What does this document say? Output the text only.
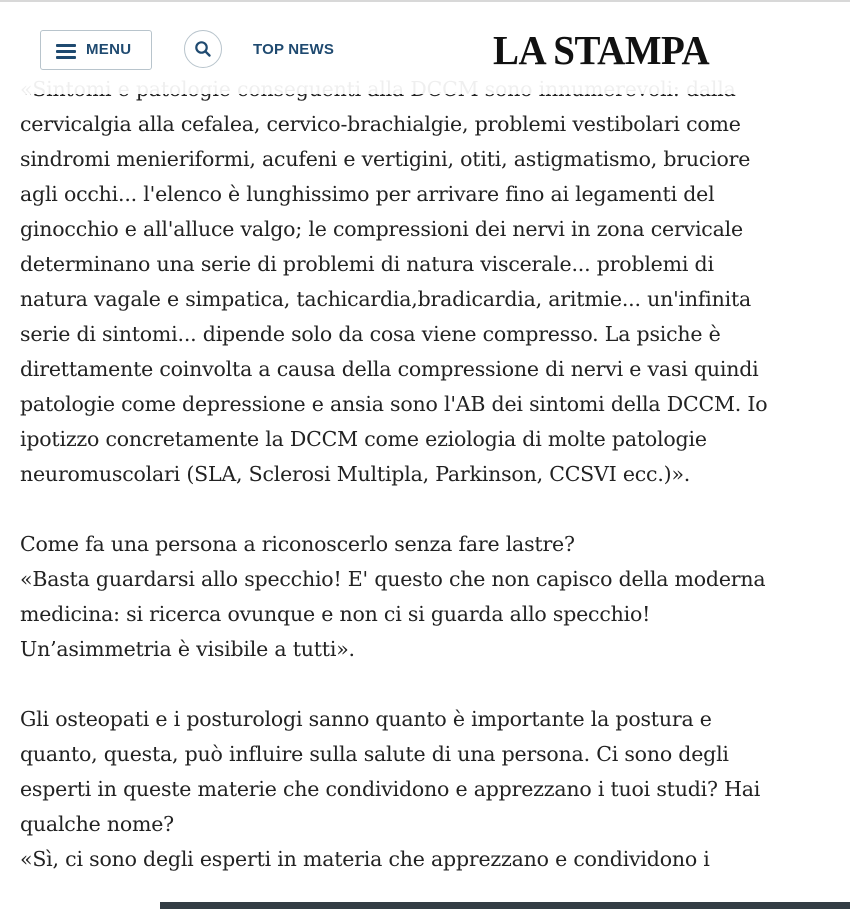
cervicalgia alla cefalea, cervico-brachialgie, problemi vestibolari come sindromi menieriformi, acufeni e vertigini, otiti, astigmatismo, bruciore agli occhi... l'elenco è lunghissimo per arrivare fino ai legamenti del ginocchio e all'alluce valgo; le compressioni dei nervi in zona cervicale determinano una serie di problemi di natura viscerale... problemi di natura vagale e simpatica, tachicardia,bradicardia, aritmie... un'infinita serie di sintomi... dipende solo da cosa viene compresso. La psiche è direttamente coinvolta a causa della compressione di nervi e vasi quindi patologie come depressione e ansia sono l'AB dei sintomi della DCCM. Io ipotizzo concretamente la DCCM come eziologia di molte patologie neuromuscolari (SLA, Sclerosi Multipla, Parkinson, CCSVI ecc.)».

Come fa una persona a riconoscerlo senza fare lastre?

«Basta guardarsi allo specchio! E' questo che non capisco della moderna medicina: si ricerca ovunque e non ci si guarda allo specchio! Un’asimmetria è visibile a tutti».

Gli osteopati e i posturologi sanno quanto è importante la postura e quanto, questa, può influire sulla salute di una persona. Ci sono degli esperti in queste materie che condividono e apprezzano i tuoi studi? Hai qualche nome?

«Sì, ci sono degli esperti in materia che apprezzano e condividono i

MENU	TOP NEWS	LA STAMPA
